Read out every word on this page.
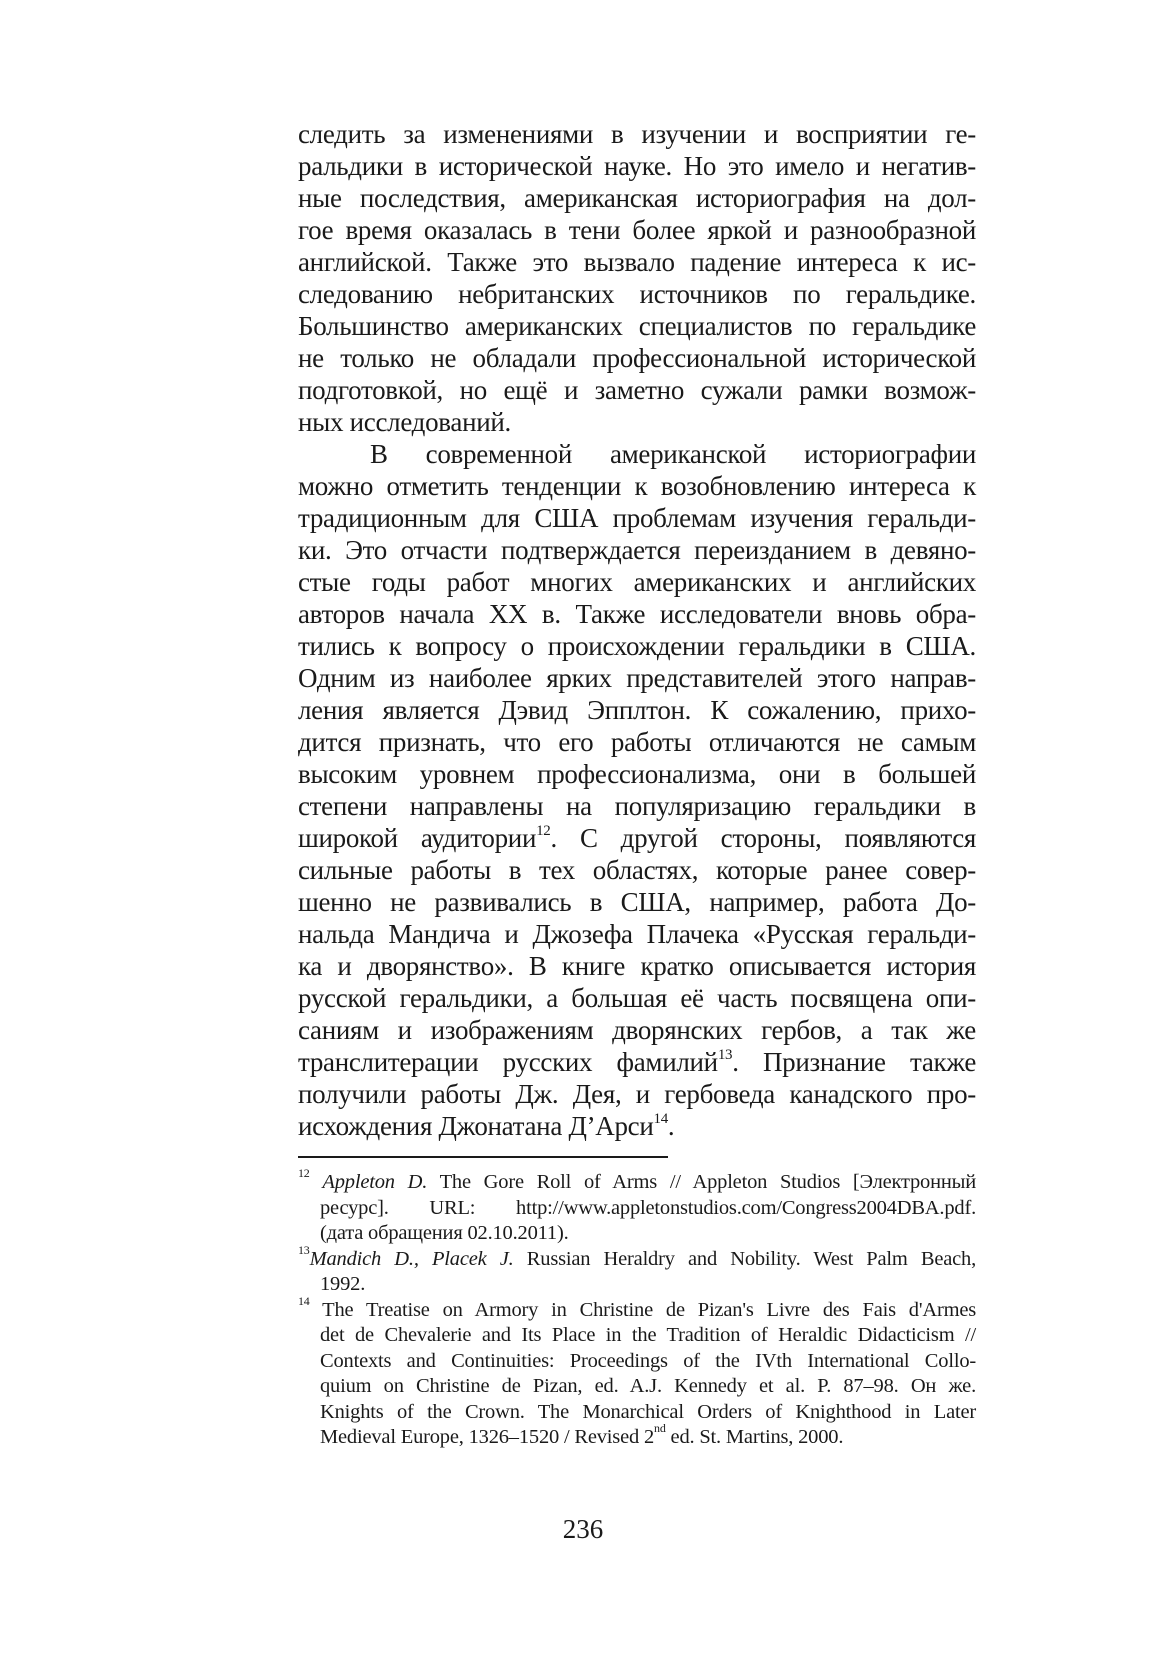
следить за изменениями в изучении и восприятии ге-
ральдики в исторической науке. Но это имело и негатив-
ные последствия, американская историография на дол-
гое время оказалась в тени более яркой и разнообразной
английской. Также это вызвало падение интереса к ис-
следованию небританских источников по геральдике.
Большинство американских специалистов по геральдике
не только не обладали профессиональной исторической
подготовкой, но ещё и заметно сужали рамки возмож-
ных исследований.
В современной американской историографии
можно отметить тенденции к возобновлению интереса к
традиционным для США проблемам изучения геральди-
ки. Это отчасти подтверждается переизданием в девяно-
стые годы работ многих американских и английских
авторов начала XX в. Также исследователи вновь обра-
тились к вопросу о происхождении геральдики в США.
Одним из наиболее ярких представителей этого направ-
ления является Дэвид Эпплтон. К сожалению, прихо-
дится признать, что его работы отличаются не самым
высоким уровнем профессионализма, они в большей
степени направлены на популяризацию геральдики в
широкой аудитории$^{12}$. С другой стороны, появляются
сильные работы в тех областях, которые ранее совер-
шенно не развивались в США, например, работа До-
нальда Мандича и Джозефа Плачека «Русская геральди-
ка и дворянство». В книге кратко описывается история
русской геральдики, а большая её часть посвящена опи-
саниям и изображениям дворянских гербов, а так же
транслитерации русских фамилий$^{13}$. Признание также
получили работы Дж. Дея, и гербоведа канадского про-
исхождения Джонатана Д’Арси$^{14}$.
$^{12}$ Appleton D. The Gore Roll of Arms // Appleton Studios [Электронный
ресурс]. URL: http://www.appletonstudios.com/Congress2004DBA.pdf.
(дата обращения 02.10.2011).
$^{13}$Mandich D., Placek J. Russian Heraldry and Nobility. West Palm Beach,
1992.
$^{14}$ The Treatise on Armory in Christine de Pizan's Livre des Fais d'Armes
det de Chevalerie and Its Place in the Tradition of Heraldic Didacticism //
Contexts and Continuities: Proceedings of the IVth International Collo-
quium on Christine de Pizan, ed. A.J. Kennedy et al. P. 87–98. Он же.
Knights of the Crown. The Monarchical Orders of Knighthood in Later
Medieval Europe, 1326–1520 / Revised 2nd ed. St. Martins, 2000.
236
